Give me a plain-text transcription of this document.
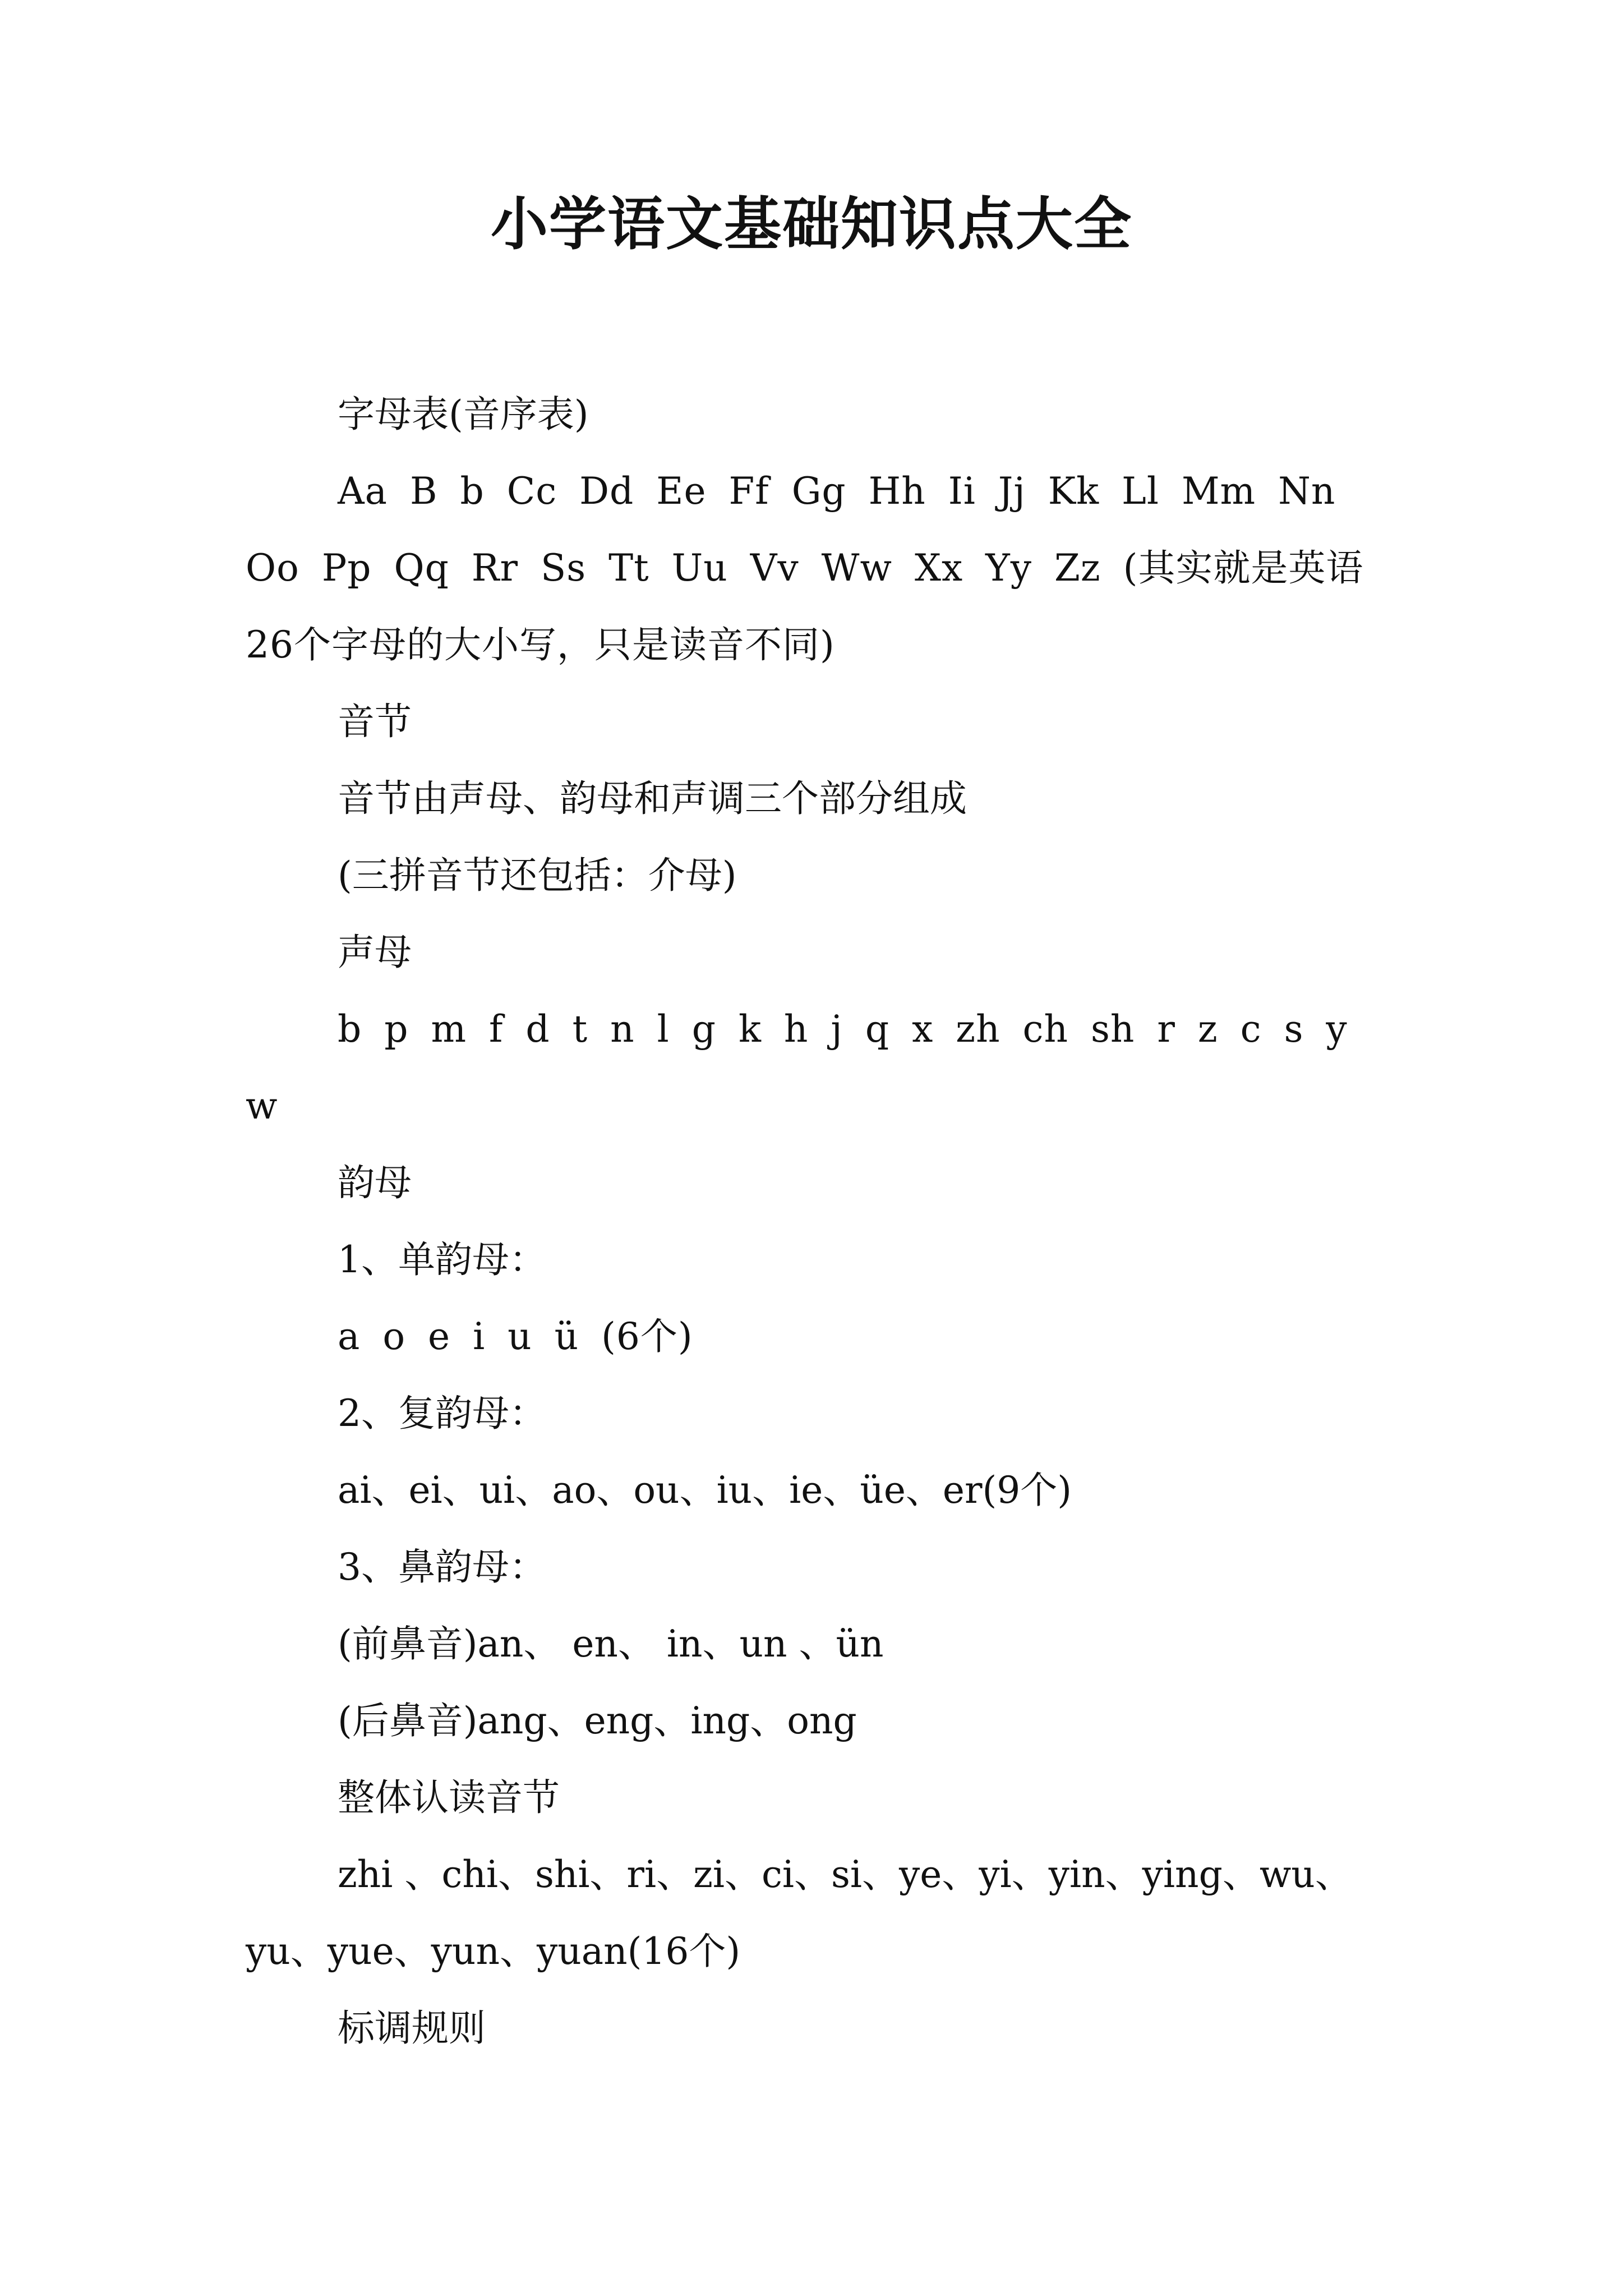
小学语文基础知识点大全

字母表(音序表)

Aa B b Cc Dd Ee Ff Gg Hh Ii Jj Kk Ll Mm Nn Oo Pp Qq Rr Ss Tt Uu Vv Ww Xx Yy Zz (其实就是英语26个字母的大小写，只是读音不同)

音节

音节由声母、韵母和声调三个部分组成

(三拼音节还包括：介母)

声母

b p m f d t n l g k h j q x zh ch sh r z c s y w

韵母

1、单韵母：

a o e i u ü (6个)

2、复韵母：

ai、ei、ui、ao、ou、iu、ie、üe、er(9个)

3、鼻韵母：

(前鼻音)an、 en、 in、un 、ün

(后鼻音)ang、eng、ing、ong

整体认读音节

zhi 、chi、shi、ri、zi、ci、si、ye、yi、yin、ying、wu、yu、yue、yun、yuan(16个)

标调规则
